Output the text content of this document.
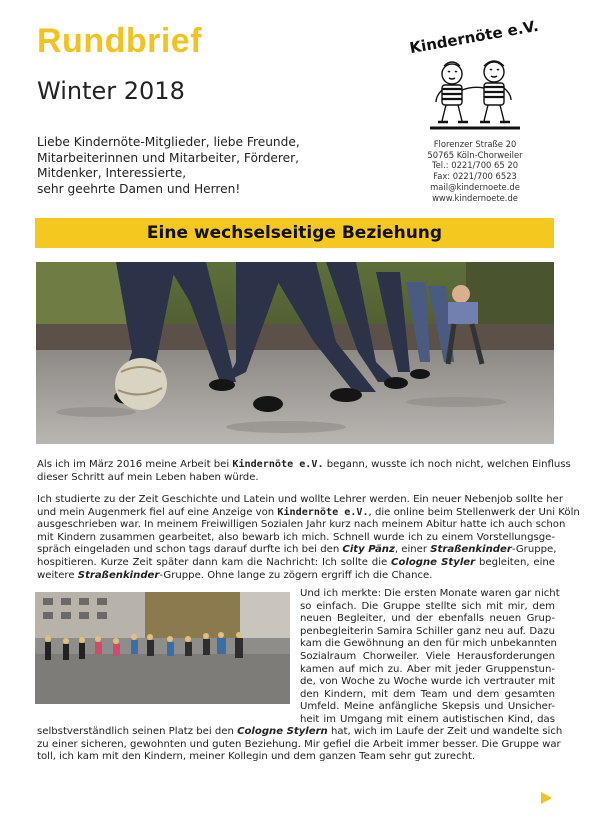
Rundbrief
Winter 2018
Liebe Kindernöte-Mitglieder, liebe Freunde,
Mitarbeiterinnen und Mitarbeiter, Förderer,
Mitdenker, Interessierte,
sehr geehrte Damen und Herren!
Kindernöte e.V.
Florenzer Straße 20
50765 Köln-Chorweiler
Tel.: 0221/700 65 20
Fax: 0221/700 6523
mail@kindernoete.de
www.kindernoete.de
Eine wechselseitige Beziehung
Als ich im März 2016 meine Arbeit bei Kindernöte e.V. begann, wusste ich noch nicht, welchen Einfluss
dieser Schritt auf mein Leben haben würde.
Ich studierte zu der Zeit Geschichte und Latein und wollte Lehrer werden. Ein neuer Nebenjob sollte her
und mein Augenmerk fiel auf eine Anzeige von Kindernöte e.V., die online beim Stellenwerk der Uni Köln
ausgeschrieben war. In meinem Freiwilligen Sozialen Jahr kurz nach meinem Abitur hatte ich auch schon
mit Kindern zusammen gearbeitet, also bewarb ich mich. Schnell wurde ich zu einem Vorstellungsge-
spräch eingeladen und schon tags darauf durfte ich bei den City Pänz, einer Straßenkinder-Gruppe,
hospitieren. Kurze Zeit später dann kam die Nachricht: Ich sollte die Cologne Styler begleiten, eine
weitere Straßenkinder-Gruppe. Ohne lange zu zögern ergriff ich die Chance.
Und ich merkte: Die ersten Monate waren gar nicht
so einfach. Die Gruppe stellte sich mit mir, dem
neuen Begleiter, und der ebenfalls neuen Grup-
penbegleiterin Samira Schiller ganz neu auf. Dazu
kam die Gewöhnung an den für mich unbekannten
Sozialraum Chorweiler. Viele Herausforderungen
kamen auf mich zu. Aber mit jeder Gruppenstun-
de, von Woche zu Woche wurde ich vertrauter mit
den Kindern, mit dem Team und dem gesamten
Umfeld. Meine anfängliche Skepsis und Unsicher-
heit im Umgang mit einem autistischen Kind, das
selbstverständlich seinen Platz bei den Cologne Stylern hat, wich im Laufe der Zeit und wandelte sich
zu einer sicheren, gewohnten und guten Beziehung. Mir gefiel die Arbeit immer besser. Die Gruppe war
toll, ich kam mit den Kindern, meiner Kollegin und dem ganzen Team sehr gut zurecht.
